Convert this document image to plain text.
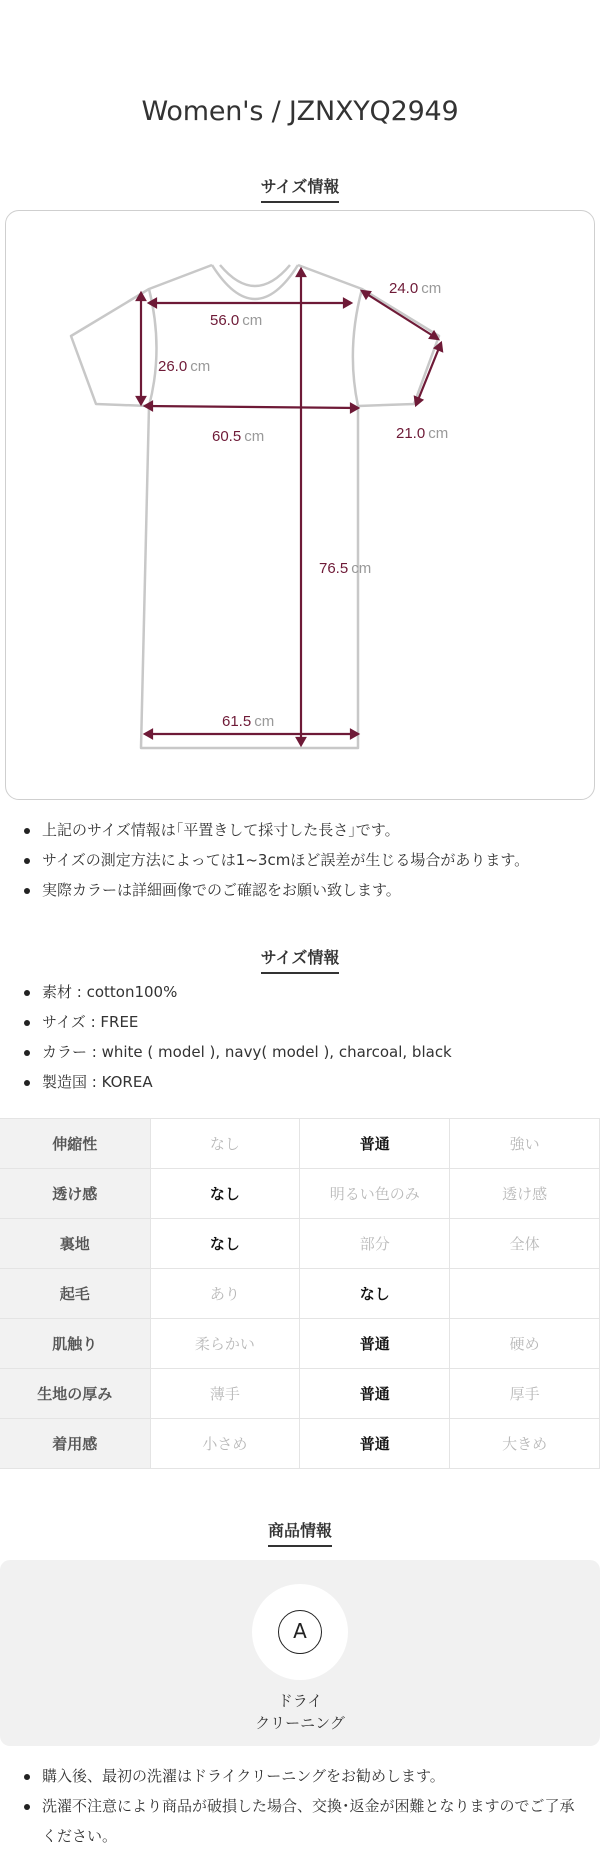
Women's / JZNXYQ2949
サイズ情報
56.0 cm
26.0 cm
24.0 cm
60.5 cm	21.0 cm
76.5 cm
61.5 cm
上記のサイズ情報は｢平置きして採寸した長さ｣です。
サイズの測定方法によっては1~3cmほど誤差が生じる場合があります。
実際カラーは詳細画像でのご確認をお願い致します。
サイズ情報
素材 : cotton100%
サイズ : FREE
カラー : white ( model ), navy( model ), charcoal, black
製造国 : KOREA
伸縮性	なし	普通	強い
透け感	なし	明るい色のみ	透け感
裏地	なし	部分	全体
起毛	あり	なし	
肌触り	柔らかい	普通	硬め
生地の厚み	薄手	普通	厚手
着用感	小さめ	普通	大きめ
商品情報
A
ドライ
クリーニング
購入後、最初の洗濯はドライクリーニングをお勧めします。
洗濯不注意により商品が破損した場合、交換･返金が困難となりますのでご了承ください。
